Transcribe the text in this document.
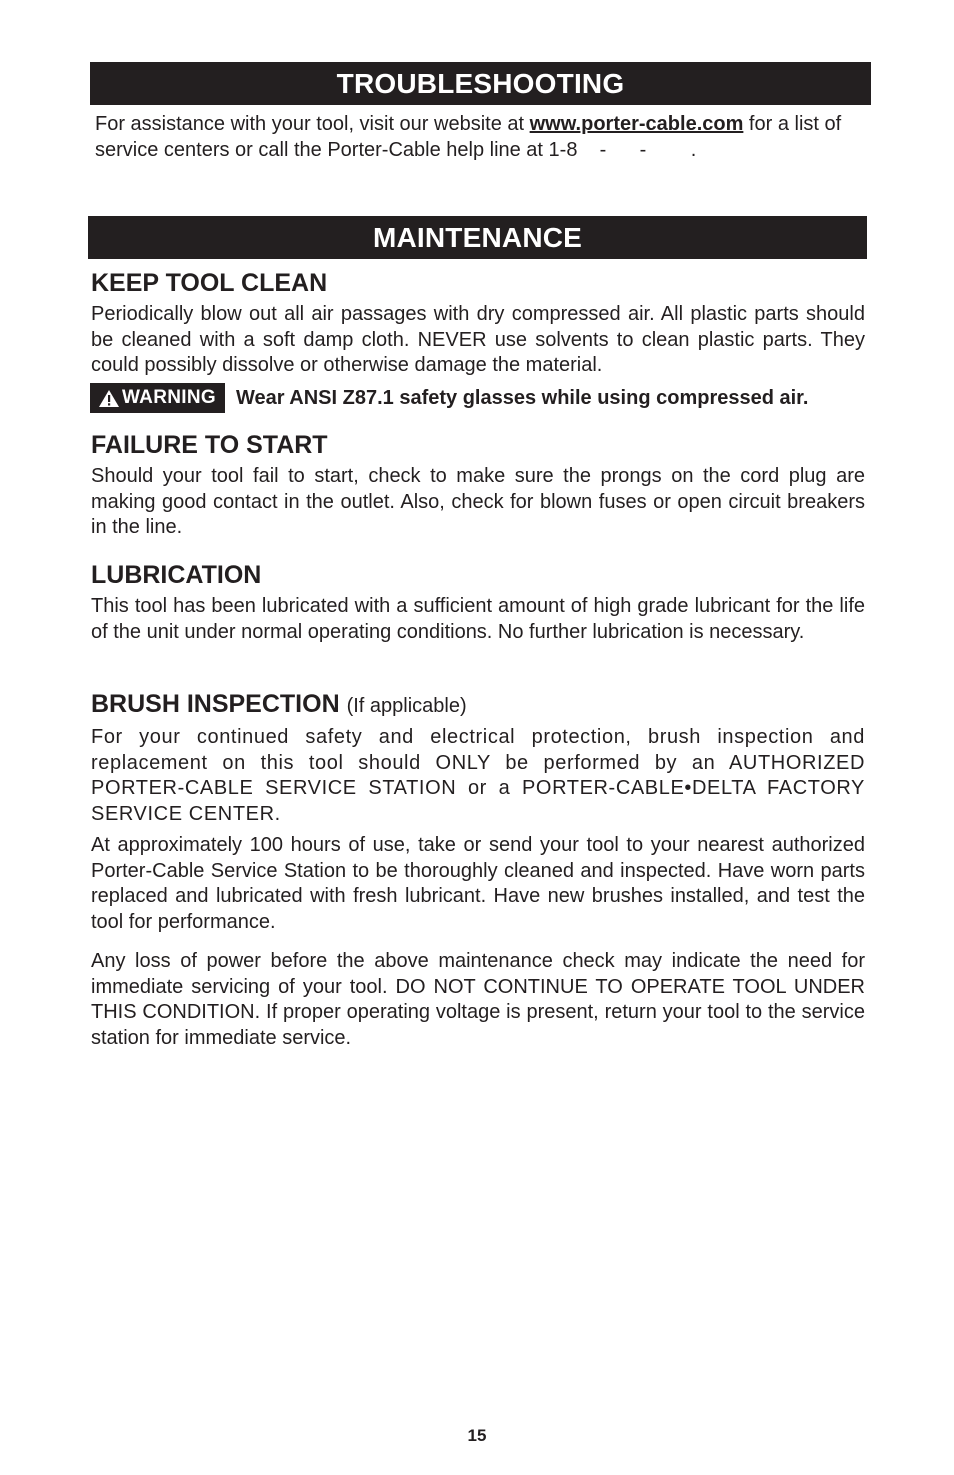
TROUBLESHOOTING
For assistance with your tool, visit our website at www.porter-cable.com for a list of service centers or call the Porter-Cable help line at 1-8    -      -        .
MAINTENANCE
KEEP TOOL CLEAN

Periodically blow out all air passages with dry compressed air. All plastic parts should be cleaned with a soft damp cloth. NEVER use solvents to clean plastic parts. They could possibly dissolve or otherwise damage the material.

WARNING Wear ANSI Z87.1 safety glasses while using compressed air.
FAILURE TO START

Should your tool fail to start, check to make sure the prongs on the cord plug are making good contact in the outlet. Also, check for blown fuses or open circuit breakers in the line.

LUBRICATION

This tool has been lubricated with a sufficient amount of high grade lubricant for the life of the unit under normal operating conditions. No further lubrication is necessary.

BRUSH INSPECTION (If applicable)

For your continued safety and electrical protection, brush inspection and replacement on this tool should ONLY be performed by an AUTHORIZED PORTER-CABLE SERVICE STATION or a PORTER-CABLE•DELTA FACTORY SERVICE CENTER.

At approximately 100 hours of use, take or send your tool to your nearest authorized Porter-Cable Service Station to be thoroughly cleaned and inspected. Have worn parts replaced and lubricated with fresh lubricant. Have new brushes installed, and test the tool for performance.

Any loss of power before the above maintenance check may indicate the need for immediate servicing of your tool. DO NOT CONTINUE TO OPERATE TOOL UNDER THIS CONDITION. If proper operating voltage is present, return your tool to the service station for immediate service.

15
